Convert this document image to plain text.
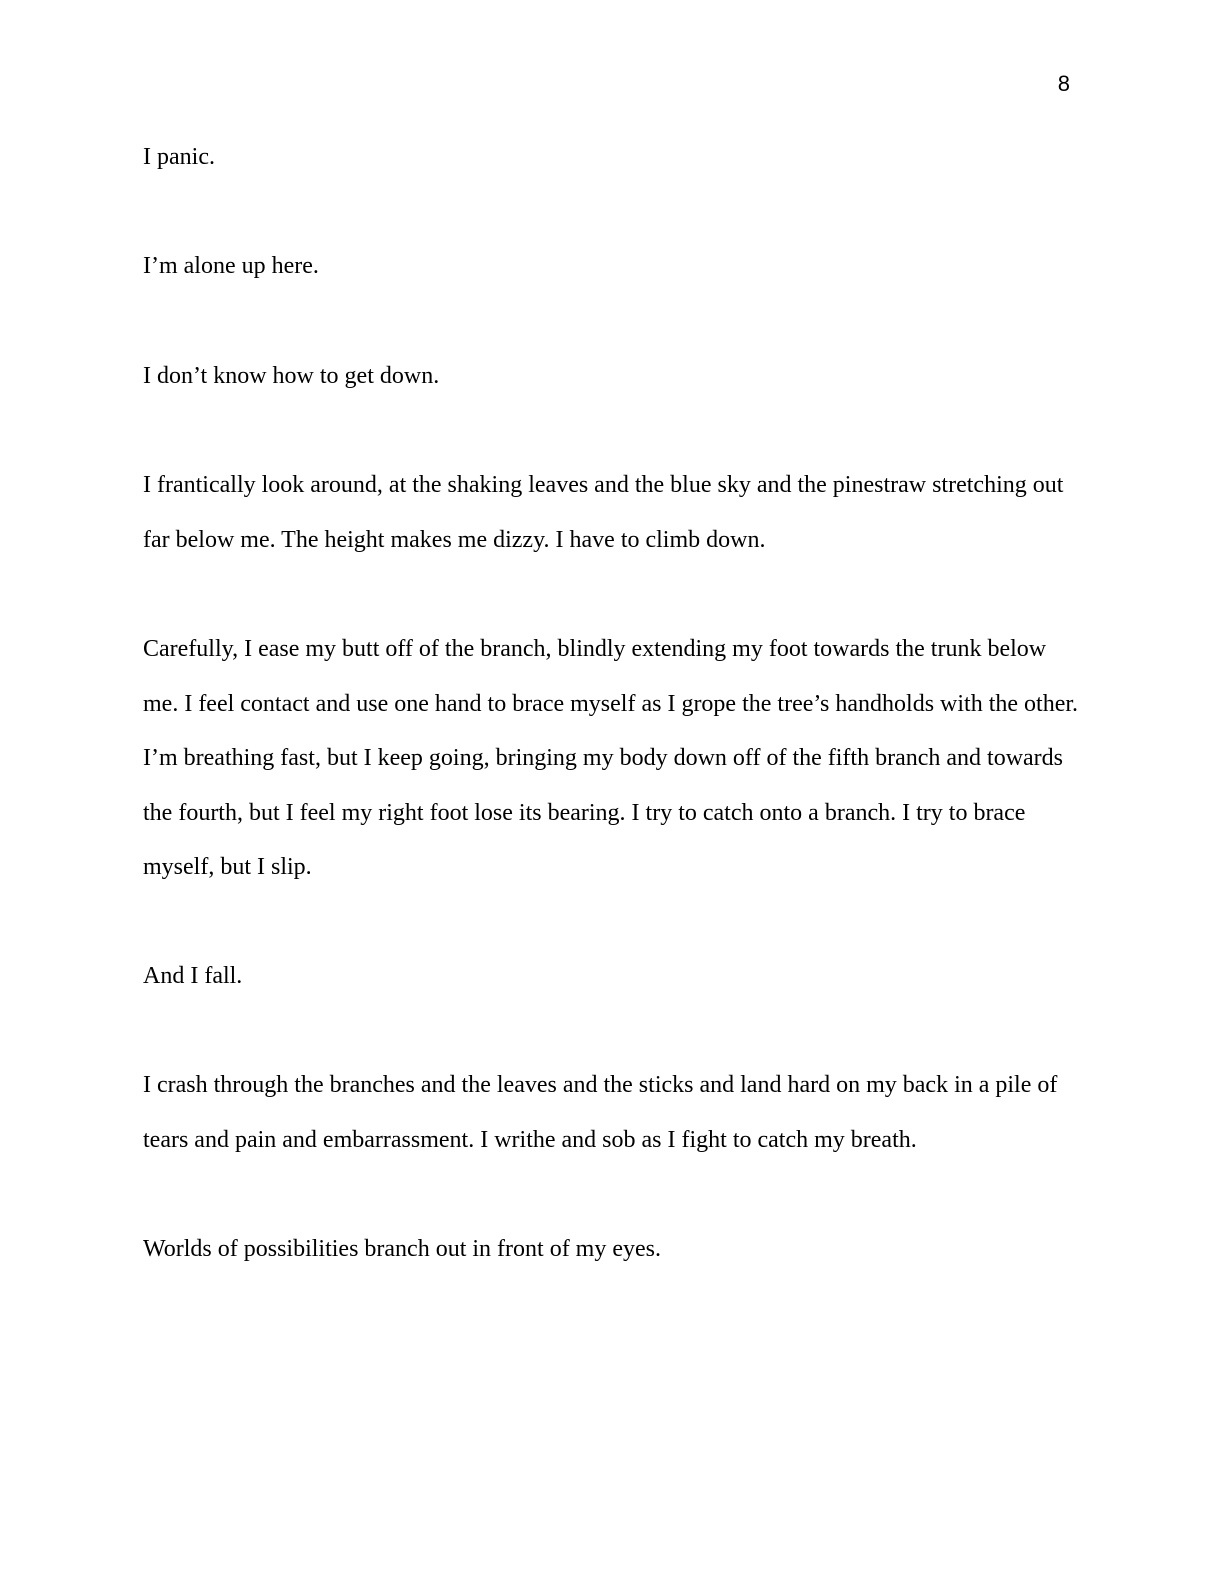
8

I panic.

I’m alone up here.

I don’t know how to get down.

I frantically look around, at the shaking leaves and the blue sky and the pinestraw stretching out far below me. The height makes me dizzy. I have to climb down.

Carefully, I ease my butt off of the branch, blindly extending my foot towards the trunk below me. I feel contact and use one hand to brace myself as I grope the tree’s handholds with the other. I’m breathing fast, but I keep going, bringing my body down off of the fifth branch and towards the fourth, but I feel my right foot lose its bearing. I try to catch onto a branch. I try to brace myself, but I slip.

And I fall.

I crash through the branches and the leaves and the sticks and land hard on my back in a pile of tears and pain and embarrassment. I writhe and sob as I fight to catch my breath.

Worlds of possibilities branch out in front of my eyes.
